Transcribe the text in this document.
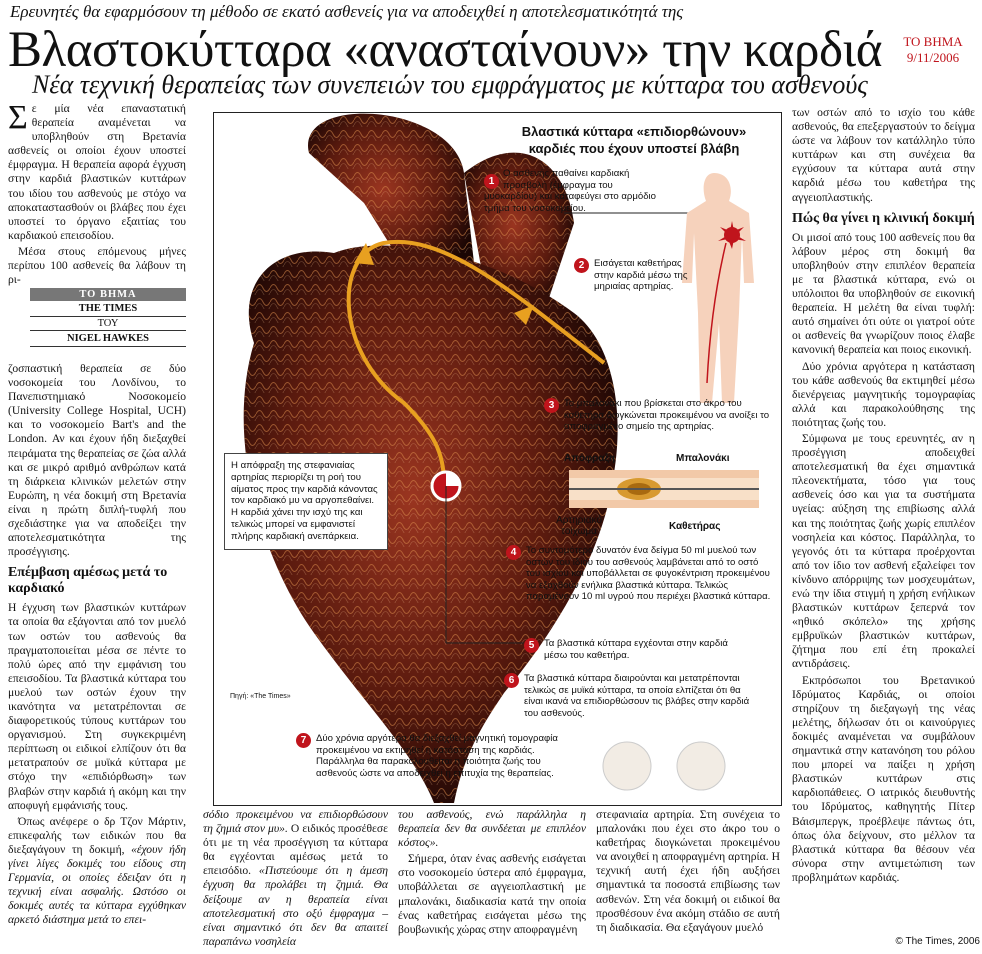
Ερευνητές θα εφαρμόσουν τη μέθοδο σε εκατό ασθενείς για να αποδειχθεί η αποτελεσματικότητά της
Βλαστοκύτταρα «ανασταίνουν» την καρδιά
Νέα τεχνική θεραπείας των συνεπειών του εμφράγματος με κύτταρα του ασθενούς
ΤΟ ΒΗΜΑ
9/11/2006

Σε μία νέα επαναστατική θεραπεία αναμένεται να υποβληθούν στη Βρετανία ασθενείς οι οποίοι έχουν υποστεί έμφραγμα. Η θεραπεία αφορά έγχυση στην καρδιά βλαστικών κυττάρων του ιδίου του ασθενούς με στόχο να αποκαταστασθούν οι βλάβες που έχει υποστεί το όργανο εξαιτίας του καρδιακού επεισοδίου.

Μέσα στους επόμενους μήνες περίπου 100 ασθενείς θα λάβουν τη ρι-

ΤΟ ΒΗΜΑ
THE TIMES
ΤΟΥ
NIGEL HAWKES

ζοσπαστική θεραπεία σε δύο νοσοκομεία του Λονδίνου, το Πανεπιστημιακό Νοσοκομείο (University College Hospital, UCH) και το νοσοκομείο Bart's and the London. Αν και έχουν ήδη διεξαχθεί πειράματα της θεραπείας σε ζώα αλλά και σε μικρό αριθμό ανθρώπων κατά τη διάρκεια κλινικών μελετών στην Ευρώπη, η νέα δοκιμή στη Βρετανία είναι η πρώτη διπλή-τυφλή που σχεδιάστηκε για να αποδείξει την αποτελεσματικότητα της προσέγγισης.

Επέμβαση αμέσως μετά το καρδιακό

Η έγχυση των βλαστικών κυττάρων τα οποία θα εξάγονται από τον μυελό των οστών του ασθενούς θα πραγματοποιείται μέσα σε πέντε το πολύ ώρες από την εμφάνιση του επεισοδίου. Τα βλαστικά κύτταρα του μυελού των οστών έχουν την ικανότητα να μετατρέπονται σε διαφορετικούς τύπους κυττάρων του οργανισμού. Στη συγκεκριμένη περίπτωση οι ειδικοί ελπίζουν ότι θα μετατραπούν σε μυϊκά κύτταρα με στόχο την «επιδιόρθωση» των βλαβών στην καρδιά ή ακόμη και την αποφυγή εμφάνισής τους.

Όπως ανέφερε ο δρ Τζον Μάρτιν, επικεφαλής των ειδικών που θα διεξαγάγουν τη δοκιμή, «έχουν ήδη γίνει λίγες δοκιμές του είδους στη Γερμανία, οι οποίες έδειξαν ότι η τεχνική είναι ασφαλής. Ωστόσο οι δοκιμές αυτές τα κύτταρα εγχύθηκαν αρκετό διάστημα μετά το επει-

Βλαστικά κύτταρα «επιδιορθώνουν»
καρδιές που έχουν υποστεί βλάβη
1
Ο ασθενής παθαίνει καρδιακή προσβολή (έμφραγμα του μυοκαρδίου) και καταφεύγει στο αρμόδιο τμήμα του νοσοκομείου.
2	Εισάγεται καθετήρας στην καρδιά μέσω της μηριαίας αρτηρίας.
3	Το μπαλονάκι που βρίσκεται στο άκρο του καθετήρα διογκώνεται προκειμένου να ανοίξει το αποφραγμένο σημείο της αρτηρίας.
Απόφραξη	Μπαλονάκι
Αρτηριακό τοίχωμα	Καθετήρας
4	Το συντομότερο δυνατόν ένα δείγμα 50 ml μυελού των οστών του ίδιου του ασθενούς λαμβάνεται από το οστό του ισχίου και υποβάλλεται σε φυγοκέντριση προκειμένου να εξαχθούν ενήλικα βλαστικά κύτταρα. Τελικώς παραμένουν 10 ml υγρού που περιέχει βλαστικά κύτταρα.
5	Τα βλαστικά κύτταρα εγχέονται στην καρδιά μέσω του καθετήρα.
6	Τα βλαστικά κύτταρα διαιρούνται και μετατρέπονται τελικώς σε μυϊκά κύτταρα, τα οποία ελπίζεται ότι θα είναι ικανά να επιδιορθώσουν τις βλάβες στην καρδιά του ασθενούς.
7	Δύο χρόνια αργότερα θα διεξαχθεί μαγνητική τομογραφία προκειμένου να εκτιμηθεί η κατάσταση της καρδιάς. Παράλληλα θα παρακολουθείται η ποιότητα ζωής του ασθενούς ώστε να αποδειχθεί η επιτυχία της θεραπείας.
Η απόφραξη της στεφανιαίας αρτηρίας περιορίζει τη ροή του αίματος προς την καρδιά κάνοντας τον καρδιακό μυ να αργοπεθαίνει. Η καρδιά χάνει την ισχύ της και τελικώς μπορεί να εμφανιστεί πλήρης καρδιακή ανεπάρκεια.
Πηγή: «The Times»

σόδιο προκειμένου να επιδιορθώσουν τη ζημιά στον μυ». Ο ειδικός προσέθεσε ότι με τη νέα προσέγγιση τα κύτταρα θα εγχέονται αμέσως μετά το επεισόδιο. «Πιστεύουμε ότι η άμεση έγχυση θα προλάβει τη ζημιά. Θα δείξουμε αν η θεραπεία είναι αποτελεσματική στο οξύ έμφραγμα – είναι σημαντικό ότι δεν θα απαιτεί παραπάνω νοσηλεία

του ασθενούς, ενώ παράλληλα η θεραπεία δεν θα συνδέεται με επιπλέον κόστος».

Σήμερα, όταν ένας ασθενής εισάγεται στο νοσοκομείο ύστερα από έμφραγμα, υποβάλλεται σε αγγειοπλαστική με μπαλονάκι, διαδικασία κατά την οποία ένας καθετήρας εισάγεται μέσω της βουβωνικής χώρας στην αποφραγμένη

στεφανιαία αρτηρία. Στη συνέχεια το μπαλονάκι που έχει στο άκρο του ο καθετήρας διογκώνεται προκειμένου να ανοιχθεί η αποφραγμένη αρτηρία. Η τεχνική αυτή έχει ήδη αυξήσει σημαντικά τα ποσοστά επιβίωσης των ασθενών. Στη νέα δοκιμή οι ειδικοί θα προσθέσουν ένα ακόμη στάδιο σε αυτή τη διαδικασία. Θα εξαγάγουν μυελό

των οστών από το ισχίο του κάθε ασθενούς, θα επεξεργαστούν το δείγμα ώστε να λάβουν τον κατάλληλο τύπο κυττάρων και στη συνέχεια θα εγχύσουν τα κύτταρα αυτά στην καρδιά μέσω του καθετήρα της αγγειοπλαστικής.

Πώς θα γίνει η κλινική δοκιμή

Οι μισοί από τους 100 ασθενείς που θα λάβουν μέρος στη δοκιμή θα υποβληθούν στην επιπλέον θεραπεία με τα βλαστικά κύτταρα, ενώ οι υπόλοιποι θα υποβληθούν σε εικονική θεραπεία. Η μελέτη θα είναι τυφλή: αυτό σημαίνει ότι ούτε οι γιατροί ούτε οι ασθενείς θα γνωρίζουν ποιος έλαβε κανονική θεραπεία και ποιος εικονική.

Δύο χρόνια αργότερα η κατάσταση του κάθε ασθενούς θα εκτιμηθεί μέσω διενέργειας μαγνητικής τομογραφίας αλλά και παρακολούθησης της ποιότητας ζωής του.

Σύμφωνα με τους ερευνητές, αν η προσέγγιση αποδειχθεί αποτελεσματική θα έχει σημαντικά πλεονεκτήματα, τόσο για τους ασθενείς όσο και για τα συστήματα υγείας: αύξηση της επιβίωσης αλλά και της ποιότητας ζωής χωρίς επιπλέον νοσηλεία και κόστος. Παράλληλα, το γεγονός ότι τα κύτταρα προέρχονται από τον ίδιο τον ασθενή εξαλείφει τον κίνδυνο απόρριψης των μοσχευμάτων, ενώ την ίδια στιγμή η χρήση ενήλικων βλαστικών κυττάρων ξεπερνά τον «ηθικό σκόπελο» της χρήσης εμβρυϊκών βλαστικών κυττάρων, ζήτημα που επί έτη προκαλεί αντιδράσεις.

Εκπρόσωποι του Βρετανικού Ιδρύματος Καρδιάς, οι οποίοι στηρίζουν τη διεξαγωγή της νέας μελέτης, δήλωσαν ότι οι καινούργιες δοκιμές αναμένεται να συμβάλουν σημαντικά στην κατανόηση του ρόλου που μπορεί να παίξει η χρήση βλαστικών κυττάρων στις καρδιοπάθειες. Ο ιατρικός διευθυντής του Ιδρύματος, καθηγητής Πίτερ Βάισμπεργκ, προέβλεψε πάντως ότι, όπως όλα δείχνουν, στο μέλλον τα βλαστικά κύτταρα θα θέσουν νέα σύνορα στην αντιμετώπιση των προβλημάτων καρδιάς.

© The Times, 2006
